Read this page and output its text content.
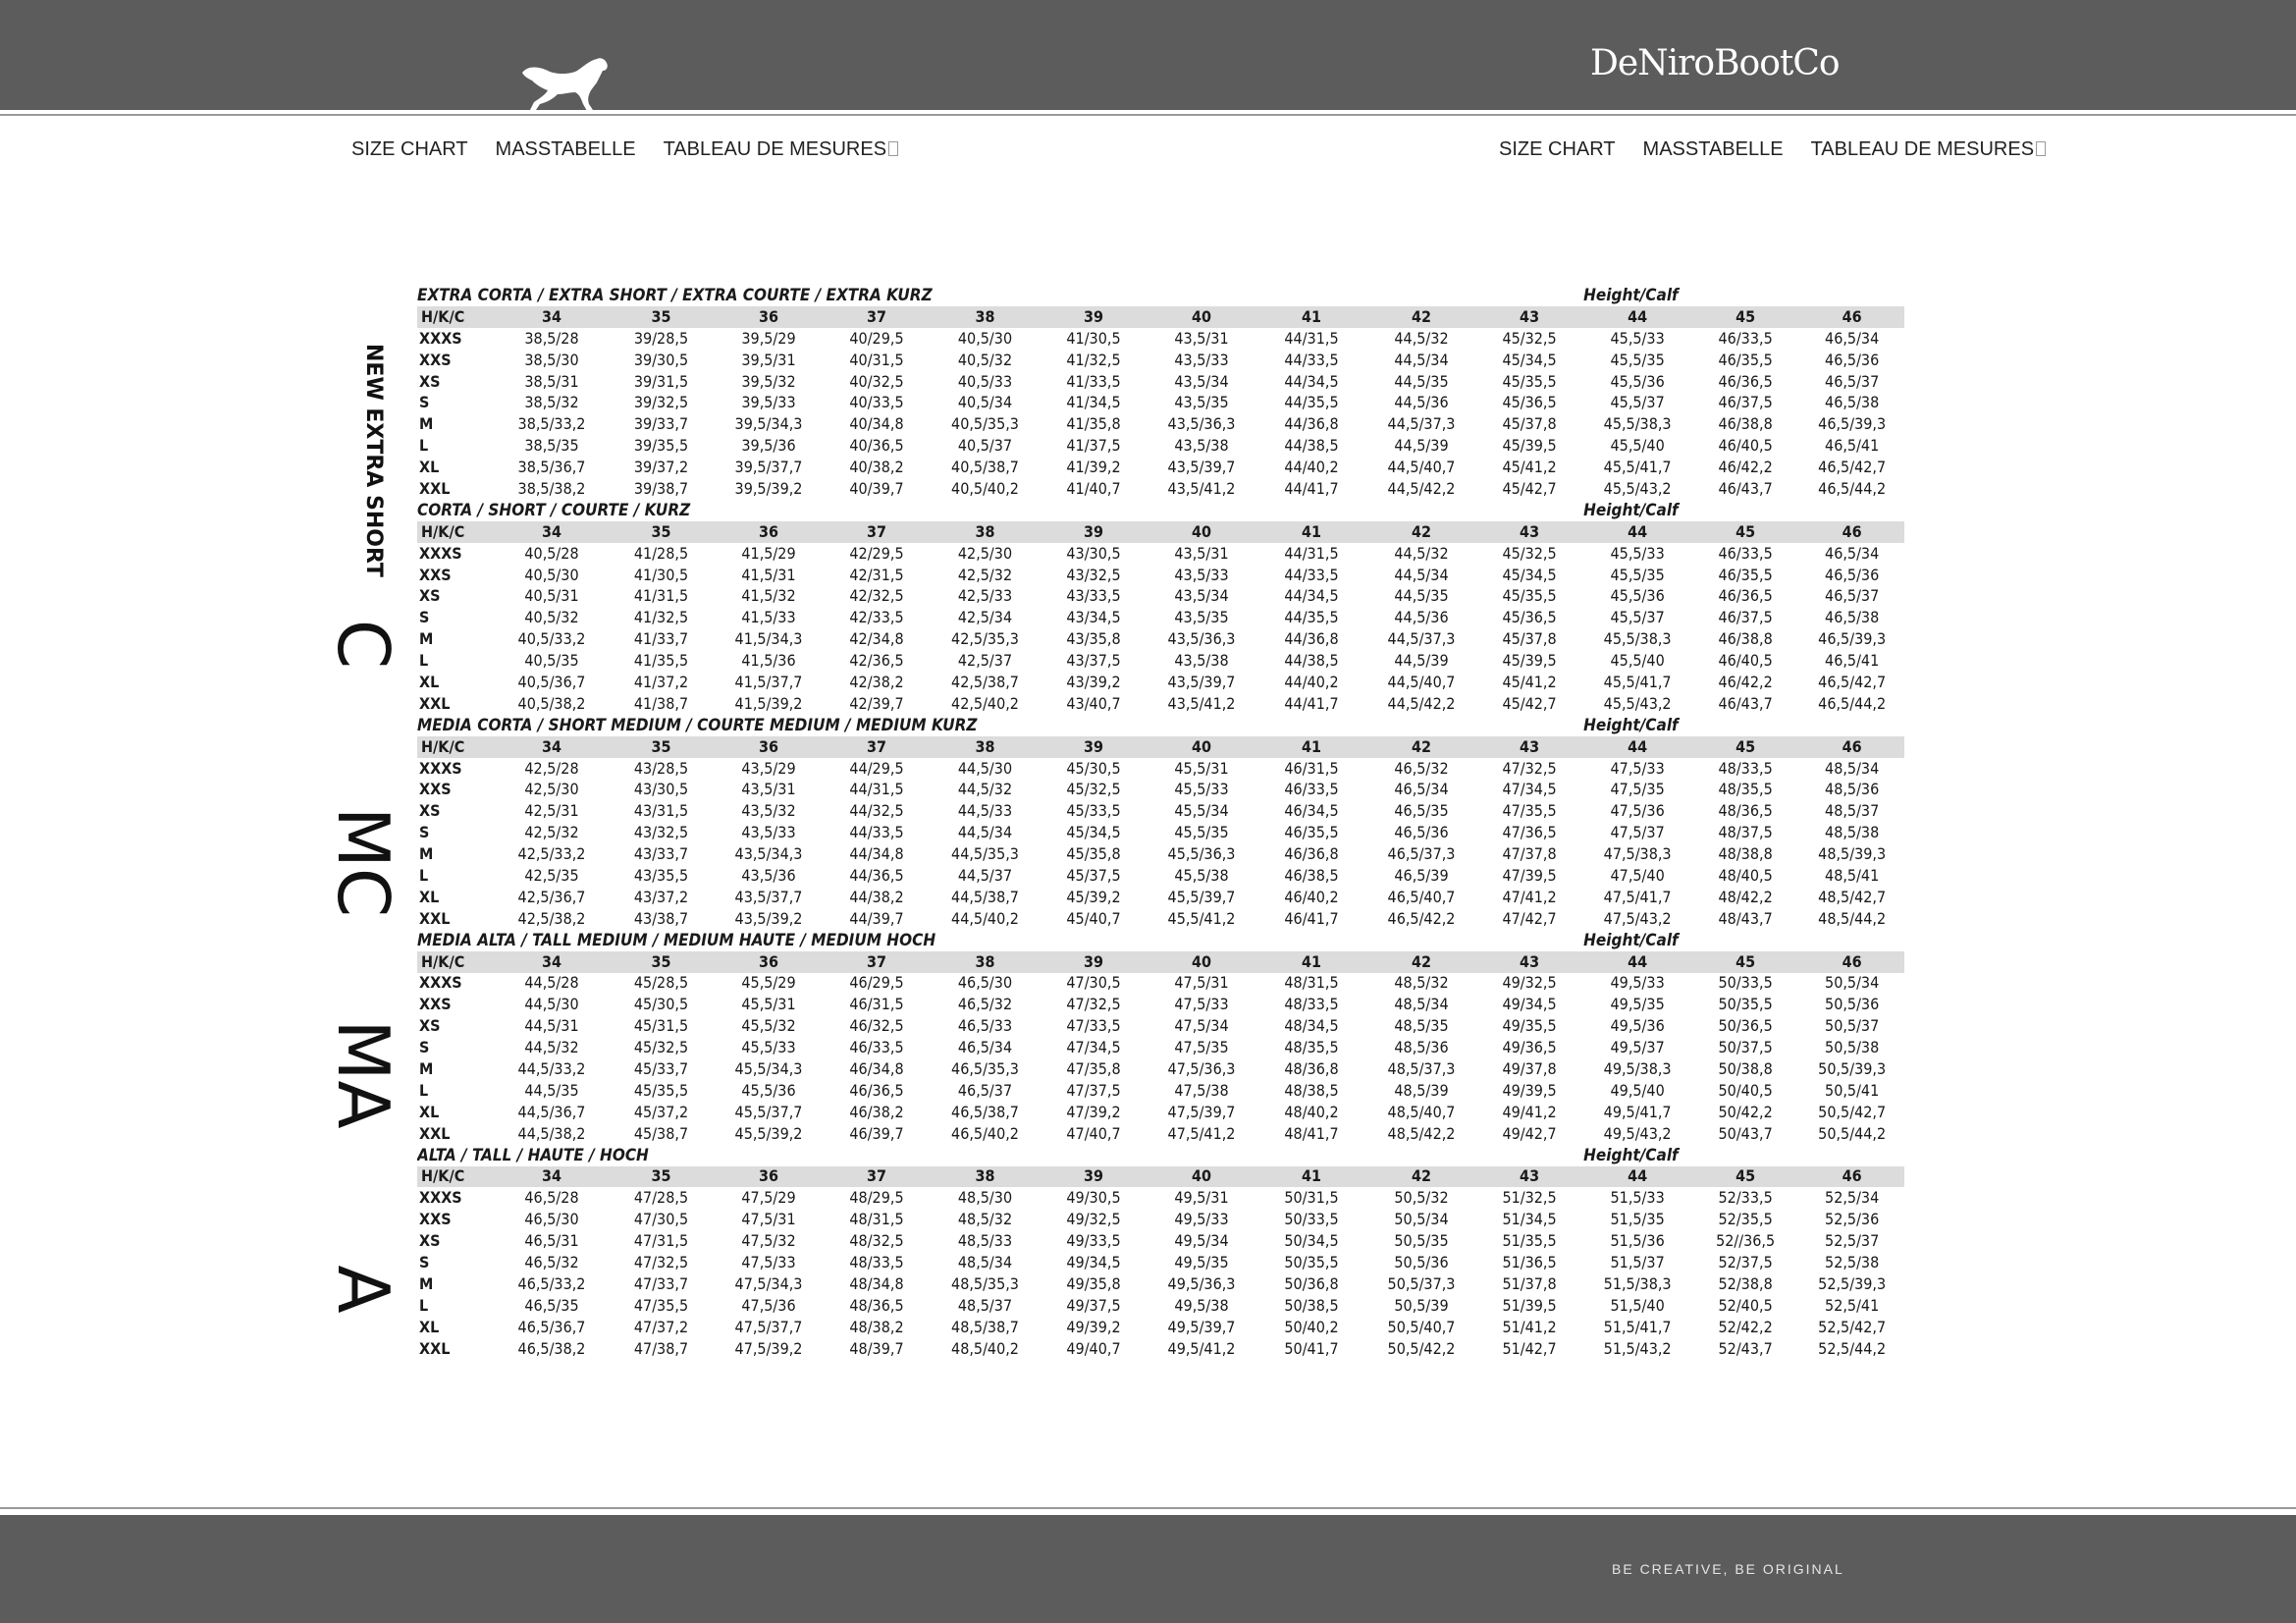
DeNiroBootCo
SIZE CHART MASSTABELLE TABLEAU DE MESURES	SIZE CHART MASSTABELLE TABLEAU DE MESURES
NEW EXTRA SHORT
C
MC
MA
A
EXTRA CORTA / EXTRA SHORT / EXTRA COURTE / EXTRA KURZ											Height/Calf		
H/K/C	34	35	36	37	38	39	40	41	42	43	44	45	46
XXXS	38,5/28	39/28,5	39,5/29	40/29,5	40,5/30	41/30,5	43,5/31	44/31,5	44,5/32	45/32,5	45,5/33	46/33,5	46,5/34
XXS	38,5/30	39/30,5	39,5/31	40/31,5	40,5/32	41/32,5	43,5/33	44/33,5	44,5/34	45/34,5	45,5/35	46/35,5	46,5/36
XS	38,5/31	39/31,5	39,5/32	40/32,5	40,5/33	41/33,5	43,5/34	44/34,5	44,5/35	45/35,5	45,5/36	46/36,5	46,5/37
S	38,5/32	39/32,5	39,5/33	40/33,5	40,5/34	41/34,5	43,5/35	44/35,5	44,5/36	45/36,5	45,5/37	46/37,5	46,5/38
M	38,5/33,2	39/33,7	39,5/34,3	40/34,8	40,5/35,3	41/35,8	43,5/36,3	44/36,8	44,5/37,3	45/37,8	45,5/38,3	46/38,8	46,5/39,3
L	38,5/35	39/35,5	39,5/36	40/36,5	40,5/37	41/37,5	43,5/38	44/38,5	44,5/39	45/39,5	45,5/40	46/40,5	46,5/41
XL	38,5/36,7	39/37,2	39,5/37,7	40/38,2	40,5/38,7	41/39,2	43,5/39,7	44/40,2	44,5/40,7	45/41,2	45,5/41,7	46/42,2	46,5/42,7
XXL	38,5/38,2	39/38,7	39,5/39,2	40/39,7	40,5/40,2	41/40,7	43,5/41,2	44/41,7	44,5/42,2	45/42,7	45,5/43,2	46/43,7	46,5/44,2
CORTA / SHORT / COURTE / KURZ											Height/Calf		
H/K/C	34	35	36	37	38	39	40	41	42	43	44	45	46
XXXS	40,5/28	41/28,5	41,5/29	42/29,5	42,5/30	43/30,5	43,5/31	44/31,5	44,5/32	45/32,5	45,5/33	46/33,5	46,5/34
XXS	40,5/30	41/30,5	41,5/31	42/31,5	42,5/32	43/32,5	43,5/33	44/33,5	44,5/34	45/34,5	45,5/35	46/35,5	46,5/36
XS	40,5/31	41/31,5	41,5/32	42/32,5	42,5/33	43/33,5	43,5/34	44/34,5	44,5/35	45/35,5	45,5/36	46/36,5	46,5/37
S	40,5/32	41/32,5	41,5/33	42/33,5	42,5/34	43/34,5	43,5/35	44/35,5	44,5/36	45/36,5	45,5/37	46/37,5	46,5/38
M	40,5/33,2	41/33,7	41,5/34,3	42/34,8	42,5/35,3	43/35,8	43,5/36,3	44/36,8	44,5/37,3	45/37,8	45,5/38,3	46/38,8	46,5/39,3
L	40,5/35	41/35,5	41,5/36	42/36,5	42,5/37	43/37,5	43,5/38	44/38,5	44,5/39	45/39,5	45,5/40	46/40,5	46,5/41
XL	40,5/36,7	41/37,2	41,5/37,7	42/38,2	42,5/38,7	43/39,2	43,5/39,7	44/40,2	44,5/40,7	45/41,2	45,5/41,7	46/42,2	46,5/42,7
XXL	40,5/38,2	41/38,7	41,5/39,2	42/39,7	42,5/40,2	43/40,7	43,5/41,2	44/41,7	44,5/42,2	45/42,7	45,5/43,2	46/43,7	46,5/44,2
MEDIA CORTA / SHORT MEDIUM / COURTE MEDIUM / MEDIUM KURZ											Height/Calf		
H/K/C	34	35	36	37	38	39	40	41	42	43	44	45	46
XXXS	42,5/28	43/28,5	43,5/29	44/29,5	44,5/30	45/30,5	45,5/31	46/31,5	46,5/32	47/32,5	47,5/33	48/33,5	48,5/34
XXS	42,5/30	43/30,5	43,5/31	44/31,5	44,5/32	45/32,5	45,5/33	46/33,5	46,5/34	47/34,5	47,5/35	48/35,5	48,5/36
XS	42,5/31	43/31,5	43,5/32	44/32,5	44,5/33	45/33,5	45,5/34	46/34,5	46,5/35	47/35,5	47,5/36	48/36,5	48,5/37
S	42,5/32	43/32,5	43,5/33	44/33,5	44,5/34	45/34,5	45,5/35	46/35,5	46,5/36	47/36,5	47,5/37	48/37,5	48,5/38
M	42,5/33,2	43/33,7	43,5/34,3	44/34,8	44,5/35,3	45/35,8	45,5/36,3	46/36,8	46,5/37,3	47/37,8	47,5/38,3	48/38,8	48,5/39,3
L	42,5/35	43/35,5	43,5/36	44/36,5	44,5/37	45/37,5	45,5/38	46/38,5	46,5/39	47/39,5	47,5/40	48/40,5	48,5/41
XL	42,5/36,7	43/37,2	43,5/37,7	44/38,2	44,5/38,7	45/39,2	45,5/39,7	46/40,2	46,5/40,7	47/41,2	47,5/41,7	48/42,2	48,5/42,7
XXL	42,5/38,2	43/38,7	43,5/39,2	44/39,7	44,5/40,2	45/40,7	45,5/41,2	46/41,7	46,5/42,2	47/42,7	47,5/43,2	48/43,7	48,5/44,2
MEDIA ALTA / TALL MEDIUM / MEDIUM HAUTE / MEDIUM HOCH											Height/Calf		
H/K/C	34	35	36	37	38	39	40	41	42	43	44	45	46
XXXS	44,5/28	45/28,5	45,5/29	46/29,5	46,5/30	47/30,5	47,5/31	48/31,5	48,5/32	49/32,5	49,5/33	50/33,5	50,5/34
XXS	44,5/30	45/30,5	45,5/31	46/31,5	46,5/32	47/32,5	47,5/33	48/33,5	48,5/34	49/34,5	49,5/35	50/35,5	50,5/36
XS	44,5/31	45/31,5	45,5/32	46/32,5	46,5/33	47/33,5	47,5/34	48/34,5	48,5/35	49/35,5	49,5/36	50/36,5	50,5/37
S	44,5/32	45/32,5	45,5/33	46/33,5	46,5/34	47/34,5	47,5/35	48/35,5	48,5/36	49/36,5	49,5/37	50/37,5	50,5/38
M	44,5/33,2	45/33,7	45,5/34,3	46/34,8	46,5/35,3	47/35,8	47,5/36,3	48/36,8	48,5/37,3	49/37,8	49,5/38,3	50/38,8	50,5/39,3
L	44,5/35	45/35,5	45,5/36	46/36,5	46,5/37	47/37,5	47,5/38	48/38,5	48,5/39	49/39,5	49,5/40	50/40,5	50,5/41
XL	44,5/36,7	45/37,2	45,5/37,7	46/38,2	46,5/38,7	47/39,2	47,5/39,7	48/40,2	48,5/40,7	49/41,2	49,5/41,7	50/42,2	50,5/42,7
XXL	44,5/38,2	45/38,7	45,5/39,2	46/39,7	46,5/40,2	47/40,7	47,5/41,2	48/41,7	48,5/42,2	49/42,7	49,5/43,2	50/43,7	50,5/44,2
ALTA / TALL / HAUTE / HOCH											Height/Calf		
H/K/C	34	35	36	37	38	39	40	41	42	43	44	45	46
XXXS	46,5/28	47/28,5	47,5/29	48/29,5	48,5/30	49/30,5	49,5/31	50/31,5	50,5/32	51/32,5	51,5/33	52/33,5	52,5/34
XXS	46,5/30	47/30,5	47,5/31	48/31,5	48,5/32	49/32,5	49,5/33	50/33,5	50,5/34	51/34,5	51,5/35	52/35,5	52,5/36
XS	46,5/31	47/31,5	47,5/32	48/32,5	48,5/33	49/33,5	49,5/34	50/34,5	50,5/35	51/35,5	51,5/36	52//36,5	52,5/37
S	46,5/32	47/32,5	47,5/33	48/33,5	48,5/34	49/34,5	49,5/35	50/35,5	50,5/36	51/36,5	51,5/37	52/37,5	52,5/38
M	46,5/33,2	47/33,7	47,5/34,3	48/34,8	48,5/35,3	49/35,8	49,5/36,3	50/36,8	50,5/37,3	51/37,8	51,5/38,3	52/38,8	52,5/39,3
L	46,5/35	47/35,5	47,5/36	48/36,5	48,5/37	49/37,5	49,5/38	50/38,5	50,5/39	51/39,5	51,5/40	52/40,5	52,5/41
XL	46,5/36,7	47/37,2	47,5/37,7	48/38,2	48,5/38,7	49/39,2	49,5/39,7	50/40,2	50,5/40,7	51/41,2	51,5/41,7	52/42,2	52,5/42,7
XXL	46,5/38,2	47/38,7	47,5/39,2	48/39,7	48,5/40,2	49/40,7	49,5/41,2	50/41,7	50,5/42,2	51/42,7	51,5/43,2	52/43,7	52,5/44,2
BE CREATIVE, BE ORIGINAL
